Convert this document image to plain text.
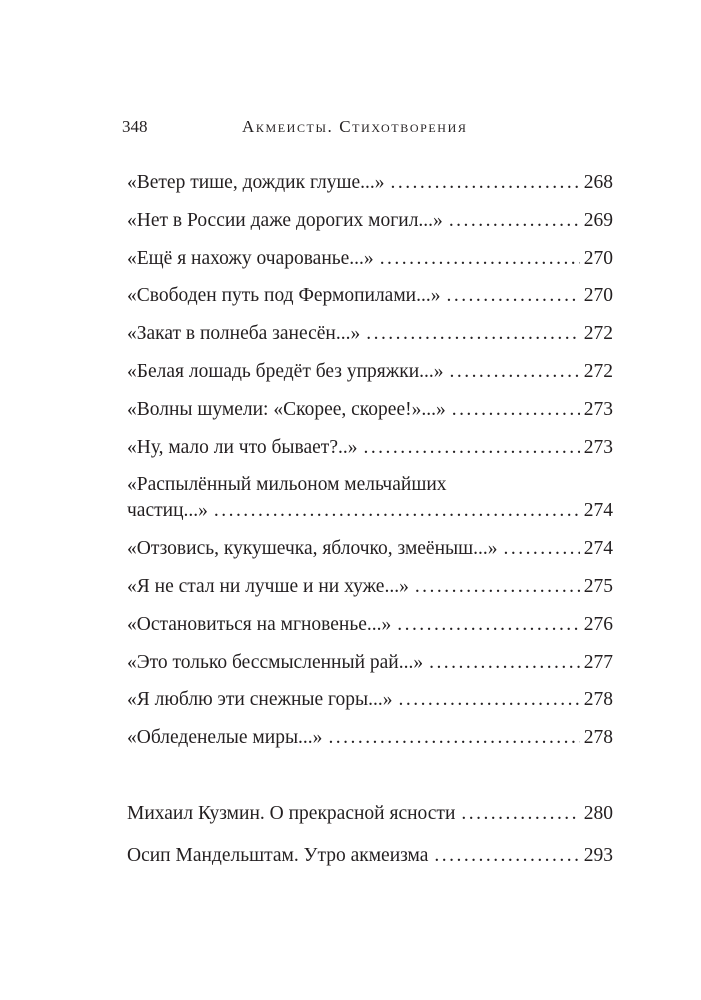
348	Акмеисты. Стихотворения
«Ветер тише, дождик глуше...» . . .	268
«Нет в России даже дорогих могил...» . . .	269
«Ещё я нахожу очарованье...» . . .	270
«Свободен путь под Фермопилами...» . . .	270
«Закат в полнеба занесён...» . . .	272
«Белая лошадь бредёт без упряжки...» . . .	272
«Волны шумели: «Скорее, скорее!»...» . . .	273
«Ну, мало ли что бывает?..» . . .	273
«Распылённый мильоном мельчайших
частиц...» . . .	274
«Отзовись, кукушечка, яблочко, змеёныш...» . . .	274
«Я не стал ни лучше и ни хуже...» . . .	275
«Остановиться на мгновенье...» . . .	276
«Это только бессмысленный рай...» . . .	277
«Я люблю эти снежные горы...» . . .	278
«Обледенелые миры...» . . .	278
Михаил Кузмин. О прекрасной ясности . . .	280
Осип Мандельштам. Утро акмеизма . . .	293
